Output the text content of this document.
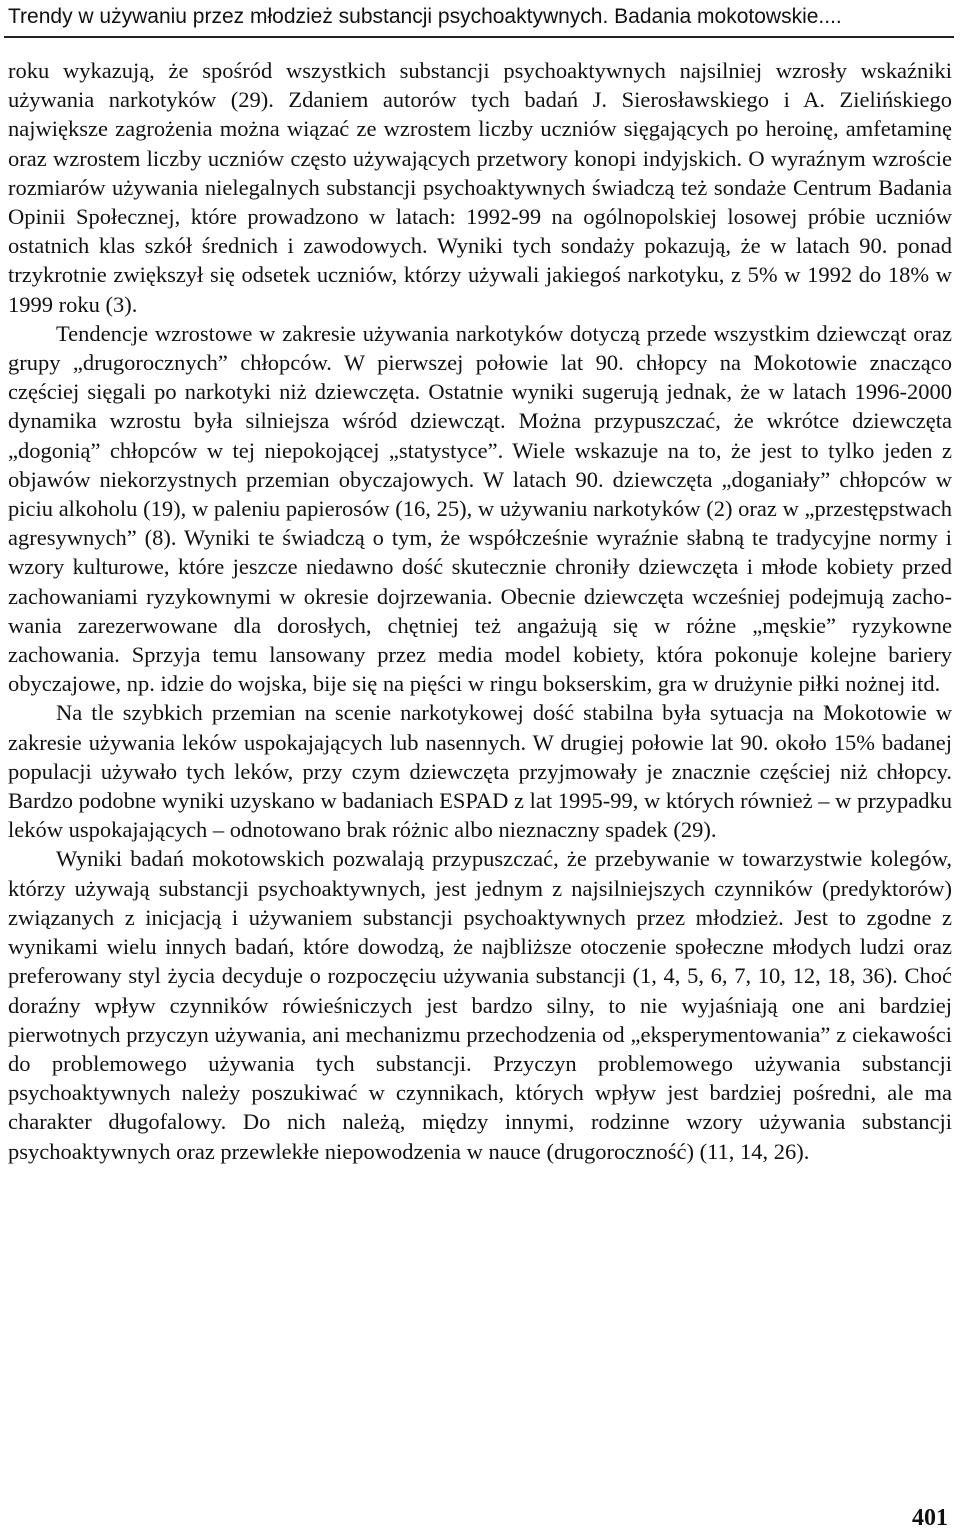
Trendy w używaniu przez młodzież substancji psychoaktywnych. Badania mokotowskie....

roku wykazują, że spośród wszystkich substancji psychoaktywnych najsilniej wzrosły wskaźniki używania narkotyków (29). Zdaniem autorów tych badań J. Sierosławskiego i A. Zielińskiego największe zagrożenia można wiązać ze wzrostem liczby uczniów sięgających po heroinę, amfetaminę oraz wzrostem liczby uczniów często używających przetwory konopi indyjskich. O wyraźnym wzroście rozmiarów używania nielegalnych substancji psychoaktywnych świadczą też sondaże Centrum Badania Opinii Społecznej, które prowadzono w latach: 1992-99 na ogólnopolskiej losowej próbie uczniów ostatnich klas szkół średnich i zawodowych. Wyniki tych sondaży pokazują, że w latach 90. ponad trzykrotnie zwiększył się odsetek uczniów, którzy używali jakiegoś narkotyku, z 5% w 1992 do 18% w 1999 roku (3).

Tendencje wzrostowe w zakresie używania narkotyków dotyczą przede wszystkim dziewcząt oraz grupy „drugorocznych” chłopców. W pierwszej połowie lat 90. chłopcy na Mokotowie znacząco częściej sięgali po narkotyki niż dziewczęta. Ostatnie wyniki sugerują jednak, że w latach 1996-2000 dynamika wzrostu była silniejsza wśród dziewcząt. Można przypuszczać, że wkrótce dziewczęta „dogonią” chłopców w tej niepokojącej „statystyce”. Wiele wskazuje na to, że jest to tylko jeden z objawów niekorzystnych przemian obyczajowych. W latach 90. dziewczęta „doganiały” chłopców w piciu alkoholu (19), w paleniu papierosów (16, 25), w używaniu narkotyków (2) oraz w „przestępstwach agresywnych” (8). Wyniki te świadczą o tym, że współcześnie wyraźnie słabną te tradycyjne normy i wzory kulturowe, które jeszcze niedawno dość skutecznie chroniły dziewczęta i młode kobiety przed zachowaniami ryzykownymi w okresie dojrzewania. Obecnie dziewczęta wcześniej podejmują zachowania zarezerwowane dla dorosłych, chętniej też angażują się w różne „męskie” ryzykowne zachowania. Sprzyja temu lansowany przez media model kobiety, która pokonuje kolejne bariery obyczajowe, np. idzie do wojska, bije się na pięści w ringu bokserskim, gra w drużynie piłki nożnej itd.

Na tle szybkich przemian na scenie narkotykowej dość stabilna była sytuacja na Mokotowie w zakresie używania leków uspokajających lub nasennych. W drugiej połowie lat 90. około 15% badanej populacji używało tych leków, przy czym dziewczęta przyjmowały je znacznie częściej niż chłopcy. Bardzo podobne wyniki uzyskano w badaniach ESPAD z lat 1995-99, w których również – w przypadku leków uspokajających – odnotowano brak różnic albo nieznaczny spadek (29).

Wyniki badań mokotowskich pozwalają przypuszczać, że przebywanie w towarzystwie kolegów, którzy używają substancji psychoaktywnych, jest jednym z najsilniejszych czynników (predyktorów) związanych z inicjacją i używaniem substancji psychoaktywnych przez młodzież. Jest to zgodne z wynikami wielu innych badań, które dowodzą, że najbliższe otoczenie społeczne młodych ludzi oraz preferowany styl życia decyduje o rozpoczęciu używania substancji (1, 4, 5, 6, 7, 10, 12, 18, 36). Choć doraźny wpływ czynników rówieśniczych jest bardzo silny, to nie wyjaśniają one ani bardziej pierwotnych przyczyn używania, ani mechanizmu przechodzenia od „eksperymentowania” z ciekawości do problemowego używania tych substancji. Przyczyn problemowego używania substancji psychoaktywnych należy poszukiwać w czynnikach, których wpływ jest bardziej pośredni, ale ma charakter długofalowy. Do nich należą, między innymi, rodzinne wzory używania substancji psychoaktywnych oraz przewlekłe niepowodzenia w nauce (drugoroczność) (11, 14, 26).

401
